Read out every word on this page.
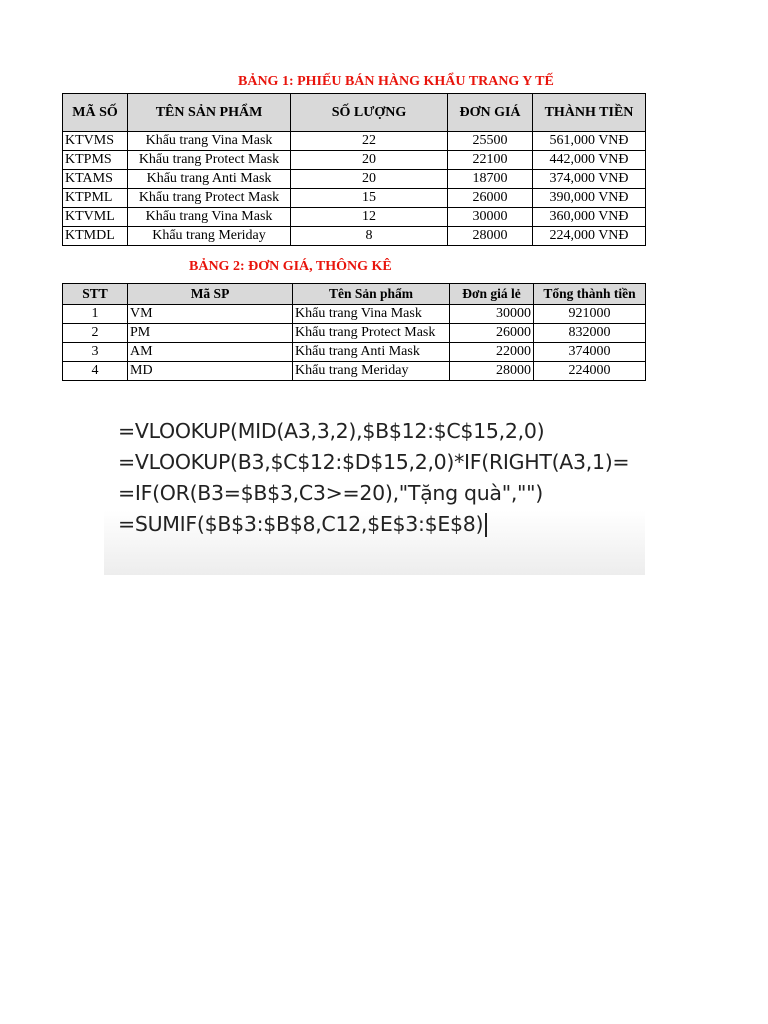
BẢNG 1: PHIẾU BÁN HÀNG KHẨU TRANG Y TẾ
MÃ SỐ	TÊN SẢN PHẨM	SỐ LƯỢNG	ĐƠN GIÁ	THÀNH TIỀN
KTVMS	Khẩu trang Vina Mask	22	25500	561,000 VNĐ
KTPMS	Khẩu trang Protect Mask	20	22100	442,000 VNĐ
KTAMS	Khẩu trang Anti Mask	20	18700	374,000 VNĐ
KTPML	Khẩu trang Protect Mask	15	26000	390,000 VNĐ
KTVML	Khẩu trang Vina Mask	12	30000	360,000 VNĐ
KTMDL	Khẩu trang Meriday	8	28000	224,000 VNĐ
BẢNG 2: ĐƠN GIÁ, THÔNG KÊ
STT	Mã SP	Tên Sản phẩm	Đơn giá lẻ	Tổng thành tiền
1	VM	Khẩu trang Vina Mask	30000	921000
2	PM	Khẩu trang Protect Mask	26000	832000
3	AM	Khẩu trang Anti Mask	22000	374000
4	MD	Khẩu trang Meriday	28000	224000
=VLOOKUP(MID(A3,3,2),$B$12:$C$15,2,0)
=VLOOKUP(B3,$C$12:$D$15,2,0)*IF(RIGHT(A3,1)=
=IF(OR(B3=$B$3,C3>=20),"Tặng quà","")
=SUMIF($B$3:$B$8,C12,$E$3:$E$8)
